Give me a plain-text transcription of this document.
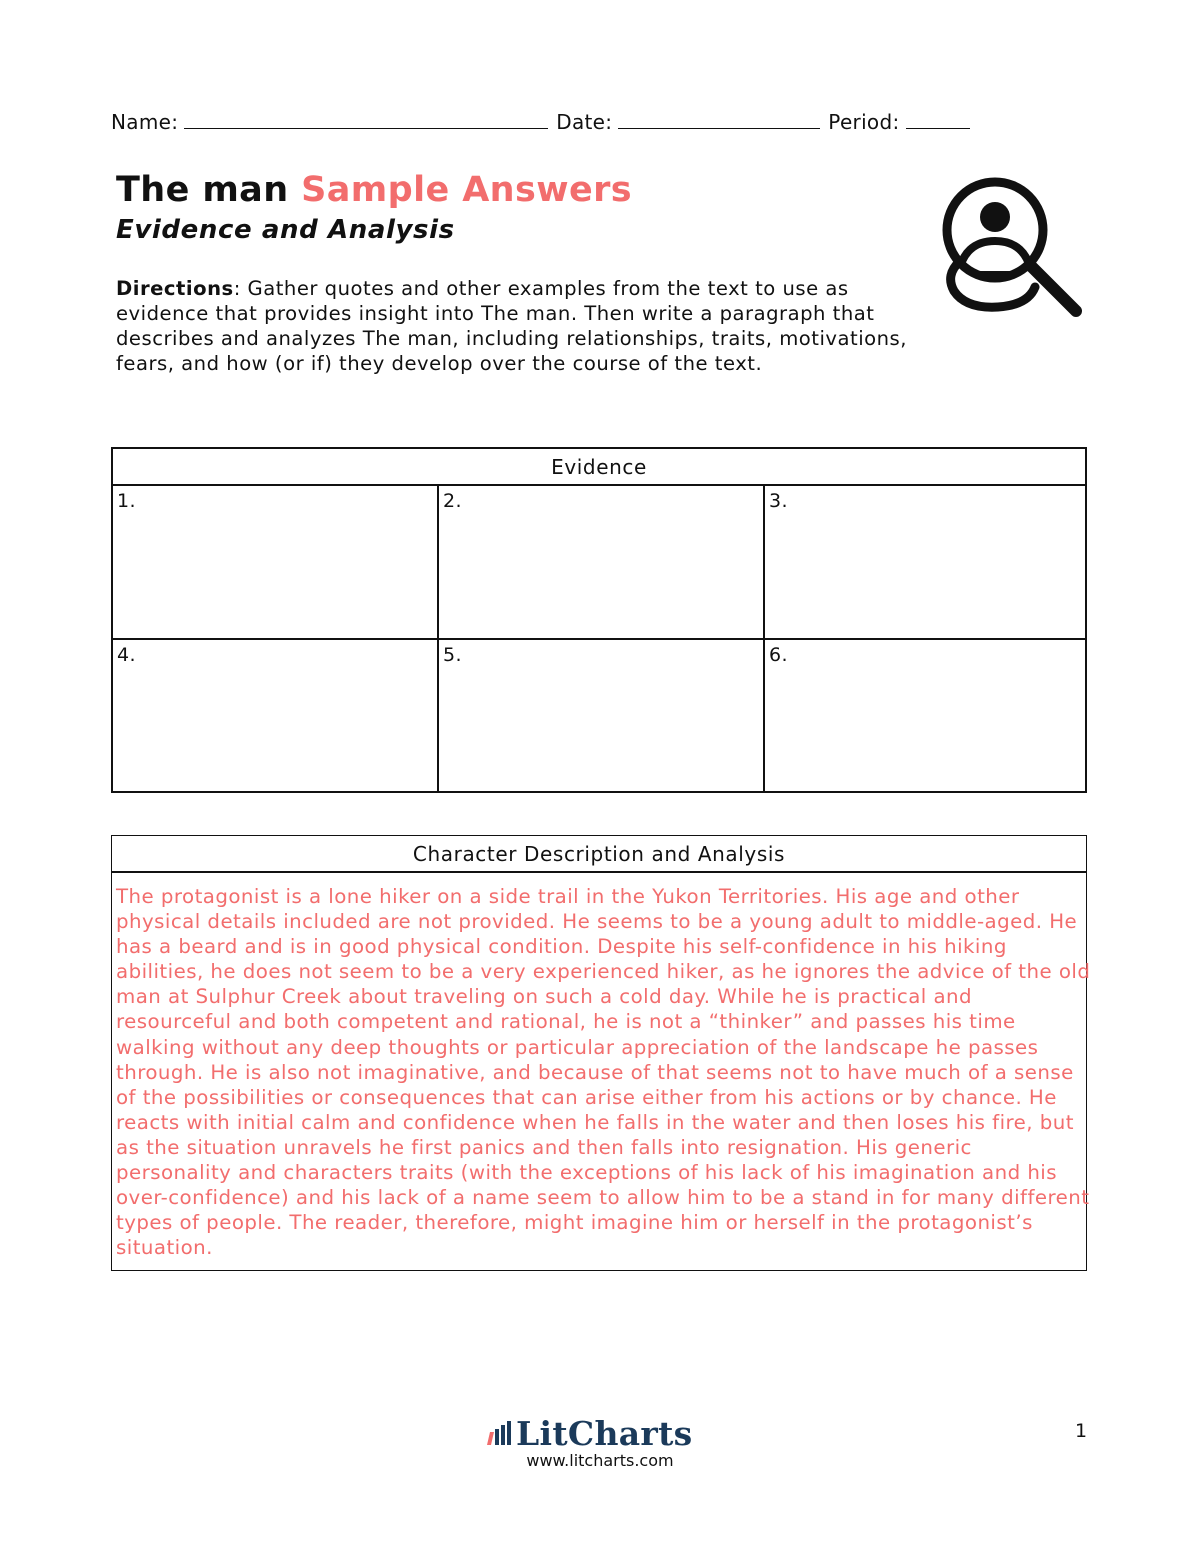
Name:	Date:	Period:
The man Sample Answers
Evidence and Analysis
Directions: Gather quotes and other examples from the text to use as evidence that provides insight into The man. Then write a paragraph that describes and analyzes The man, including relationships, traits, motivations, fears, and how (or if) they develop over the course of the text.
Evidence
1.	2.	3.
4.	5.	6.
Character Description and Analysis
The protagonist is a lone hiker on a side trail in the Yukon Territories. His age and other physical details included are not provided. He seems to be a young adult to middle-aged. He has a beard and is in good physical condition. Despite his self-confidence in his hiking abilities, he does not seem to be a very experienced hiker, as he ignores the advice of the old man at Sulphur Creek about traveling on such a cold day. While he is practical and resourceful and both competent and rational, he is not a “thinker” and passes his time walking without any deep thoughts or particular appreciation of the landscape he passes through. He is also not imaginative, and because of that seems not to have much of a sense of the possibilities or consequences that can arise either from his actions or by chance. He reacts with initial calm and confidence when he falls in the water and then loses his fire, but as the situation unravels he first panics and then falls into resignation. His generic personality and characters traits (with the exceptions of his lack of his imagination and his over-confidence) and his lack of a name seem to allow him to be a stand in for many different types of people. The reader, therefore, might imagine him or herself in the protagonist’s situation.
LitCharts
www.litcharts.com
1
